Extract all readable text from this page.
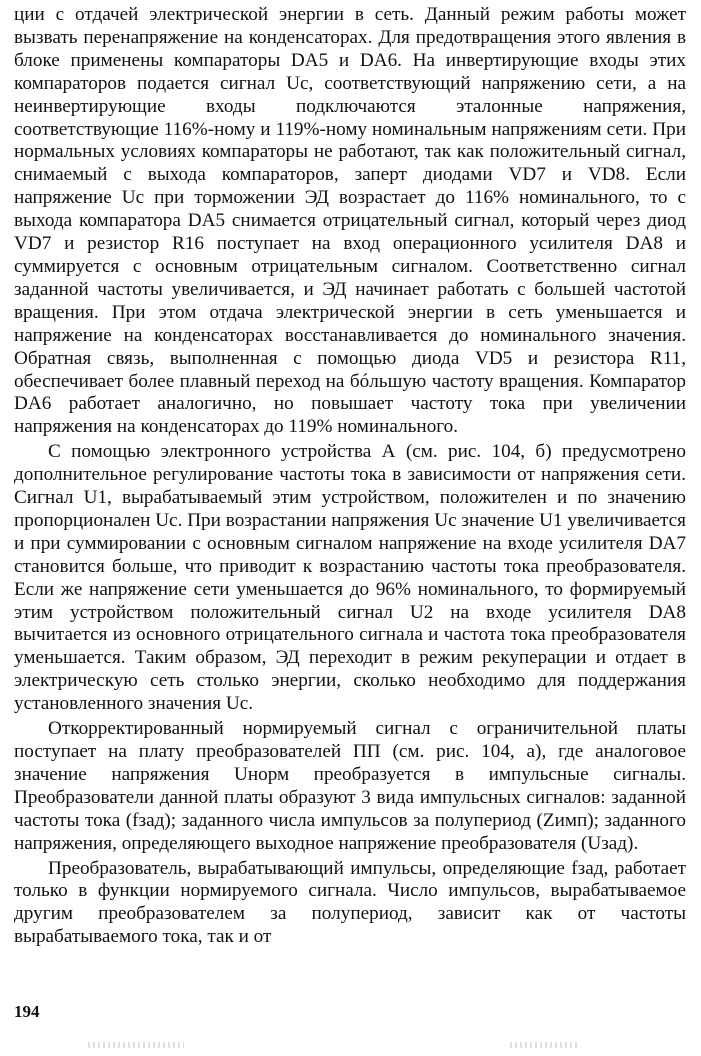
ции с отдачей электрической энергии в сеть. Данный режим работы может вызвать перенапряжение на конденсаторах. Для предотвращения этого явления в блоке применены компараторы DA5 и DA6. На инвертирующие входы этих компараторов подается сигнал Uс, соответствующий напряжению сети, а на неинвертирующие входы подключаются эталонные напряжения, соответствующие 116%-ному и 119%-ному номинальным напряжениям сети. При нормальных условиях компараторы не работают, так как положительный сигнал, снимаемый с выхода компараторов, заперт диодами VD7 и VD8. Если напряжение Uс при торможении ЭД возрастает до 116% номинального, то с выхода компаратора DA5 снимается отрицательный сигнал, который через диод VD7 и резистор R16 поступает на вход операционного усилителя DA8 и суммируется с основным отрицательным сигналом. Соответственно сигнал заданной частоты увеличивается, и ЭД начинает работать с большей частотой вращения. При этом отдача электрической энергии в сеть уменьшается и напряжение на конденсаторах восстанавливается до номинального значения. Обратная связь, выполненная с помощью диода VD5 и резистора R11, обеспечивает более плавный переход на бóльшую частоту вращения. Компаратор DA6 работает аналогично, но повышает частоту тока при увеличении напряжения на конденсаторах до 119% номинального.

С помощью электронного устройства А (см. рис. 104, б) предусмотрено дополнительное регулирование частоты тока в зависимости от напряжения сети. Сигнал U1, вырабатываемый этим устройством, положителен и по значению пропорционален Uс. При возрастании напряжения Uс значение U1 увеличивается и при суммировании с основным сигналом напряжение на входе усилителя DA7 становится больше, что приводит к возрастанию частоты тока преобразователя. Если же напряжение сети уменьшается до 96% номинального, то формируемый этим устройством положительный сигнал U2 на входе усилителя DA8 вычитается из основного отрицательного сигнала и частота тока преобразователя уменьшается. Таким образом, ЭД переходит в режим рекуперации и отдает в электрическую сеть столько энергии, сколько необходимо для поддержания установленного значения Uс.

Откорректированный нормируемый сигнал с ограничительной платы поступает на плату преобразователей ПП (см. рис. 104, а), где аналоговое значение напряжения Uнорм преобразуется в импульсные сигналы. Преобразователи данной платы образуют 3 вида импульсных сигналов: заданной частоты тока (fзад); заданного числа импульсов за полупериод (Zимп); заданного напряжения, определяющего выходное напряжение преобразователя (Uзад).

Преобразователь, вырабатывающий импульсы, определяющие fзад, работает только в функции нормируемого сигнала. Число импульсов, вырабатываемое другим преобразователем за полупериод, зависит как от частоты вырабатываемого тока, так и от

194
